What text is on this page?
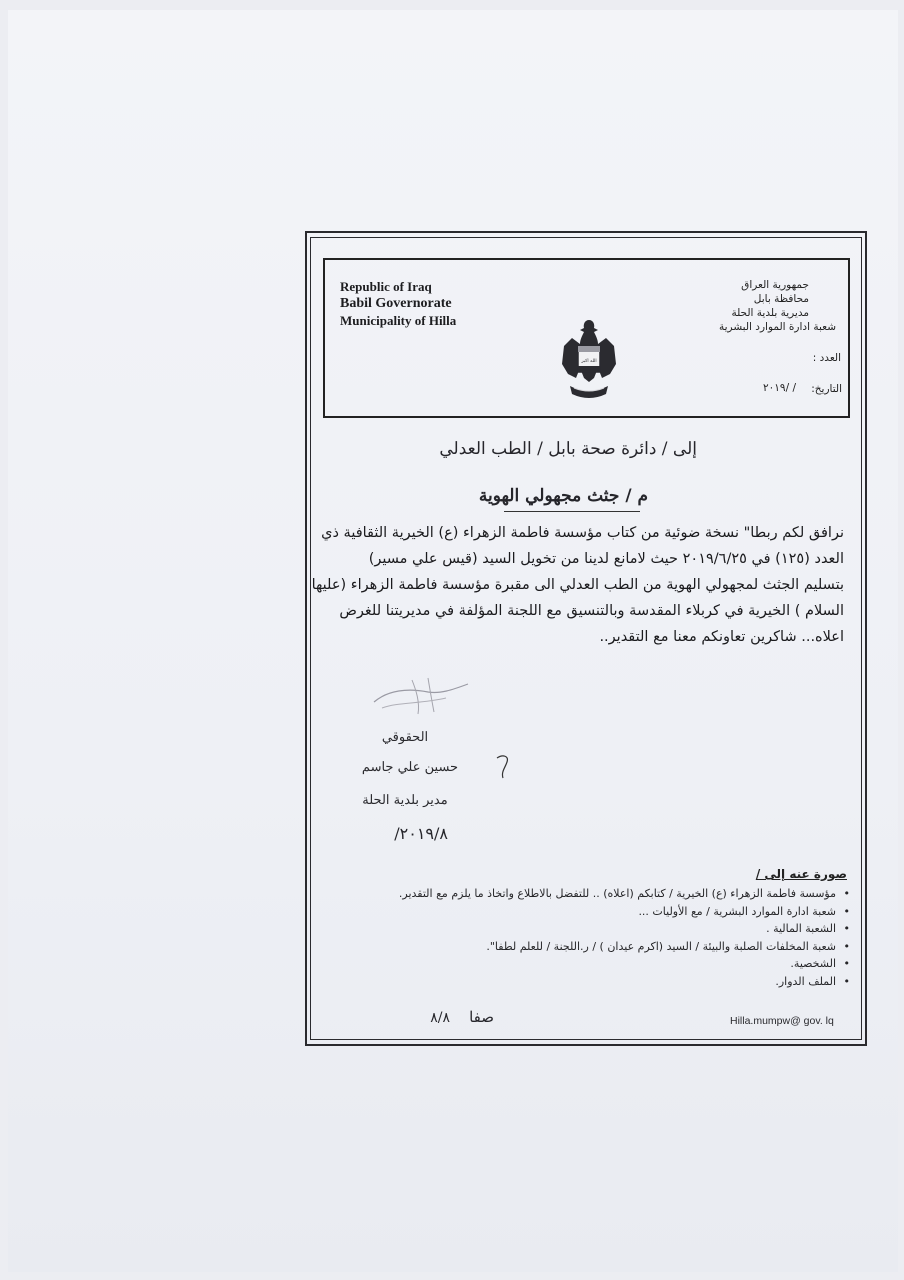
Republic of Iraq
Babil Governorate
Municipality of Hilla
جمهورية العراق
محافظة بابل
مديرية بلدية الحلة
شعبة ادارة الموارد البشرية
العدد :
التاريخ:
/ /٢٠١٩
الله اكبر
إلى / دائرة صحة بابل / الطب العدلي
م / جثث مجهولي الهوية
نرافق لكم ربطا" نسخة ضوئية من كتاب مؤسسة فاطمة الزهراء (ع) الخيرية الثقافية ذي
العدد (١٢٥) في ٢٠١٩/٦/٢٥ حيث لامانع لدينا من تخويل السيد (قيس علي مسير)
بتسليم الجثث لمجهولي الهوية من الطب العدلي الى مقبرة مؤسسة فاطمة الزهراء (عليها
السلام ) الخيرية في كربلاء المقدسة وبالتنسيق مع اللجنة المؤلفة في مديريتنا للغرض
اعلاه... شاكرين تعاونكم معنا مع التقدير..
الحقوقي
حسين علي جاسم
مدير بلدية الحلة
٢٠١٩/٨/
صورة عنه إلى /
•
مؤسسة فاطمة الزهراء (ع) الخيرية / كتابكم (اعلاه) .. للتفضل بالاطلاع واتخاذ ما يلزم مع التقدير.
•
شعبة ادارة الموارد البشرية / مع الأوليات ...
•
الشعبة المالية .
•
شعبة المخلفات الصلبة والبيئة / السيد (اكرم عيدان ) / ر.اللجنة / للعلم لطفا".
•
الشخصية.
•
الملف الدوار.
صفا
٨/٨	Hilla.mumpw@ gov. lq
